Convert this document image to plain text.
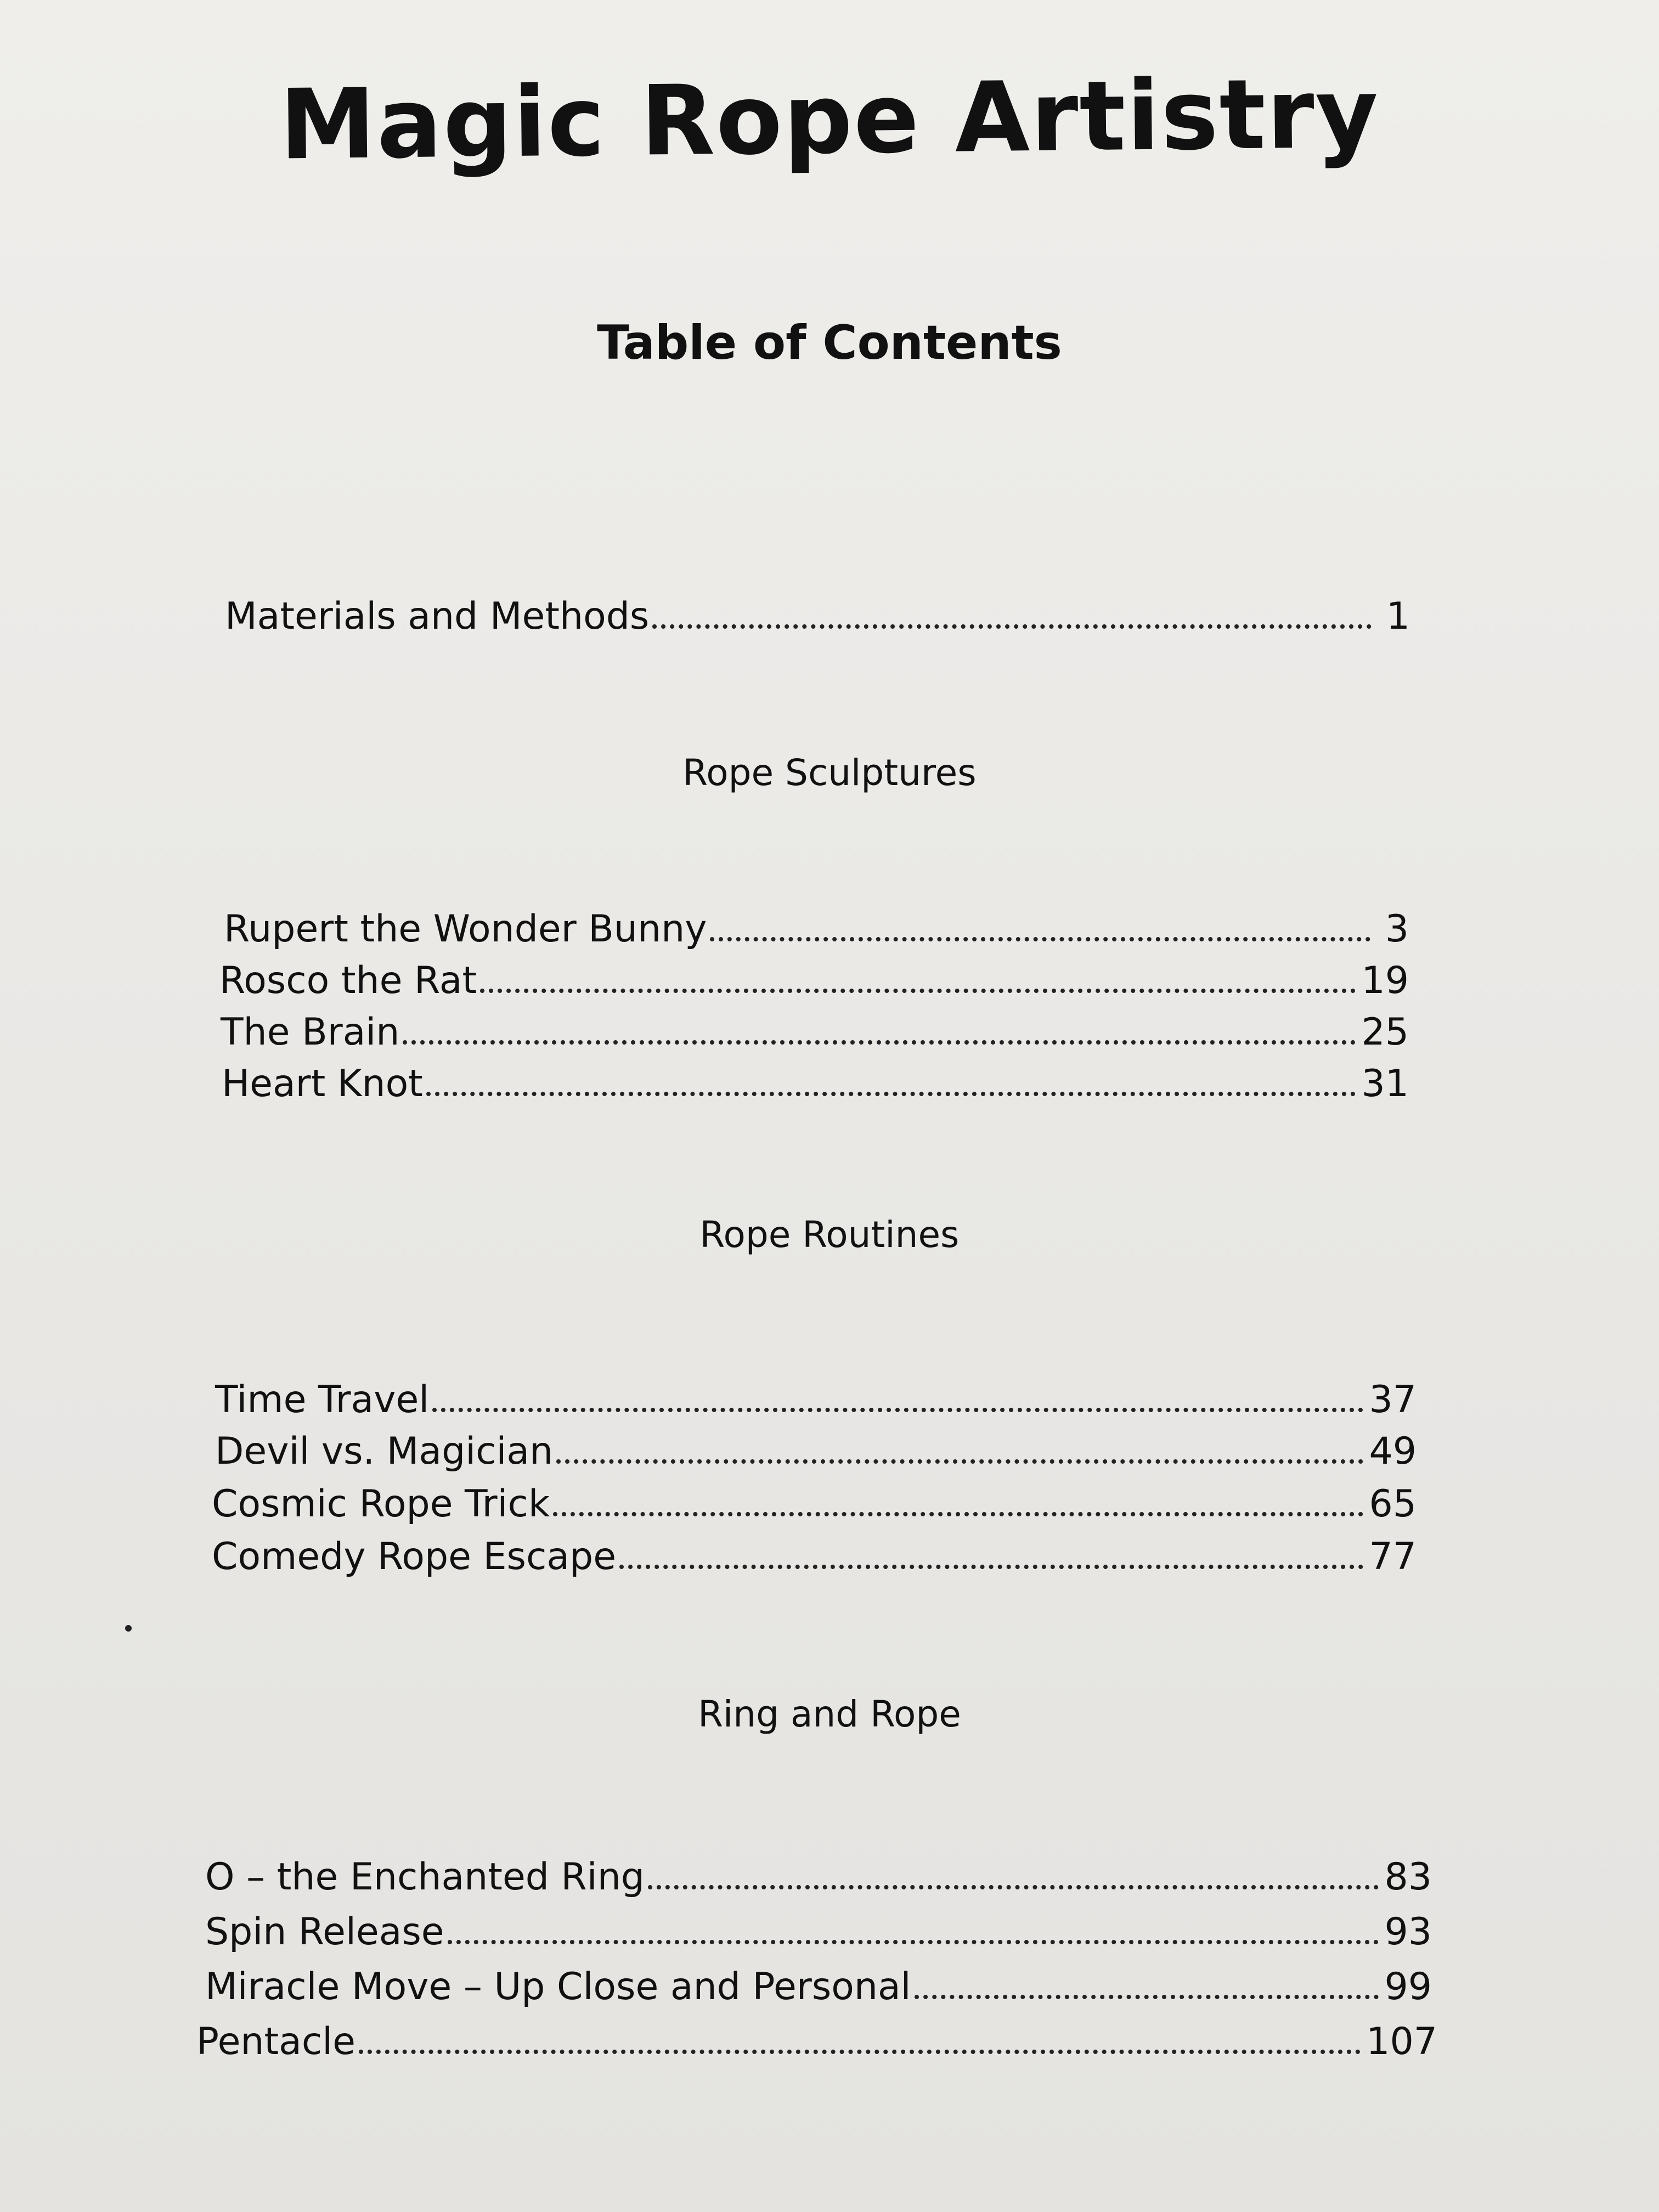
Magic Rope Artistry
Table of Contents
Materials and Methods	1
Rope Sculptures
Rupert the Wonder Bunny	3
Rosco the Rat	19
The Brain	25
Heart Knot	31
Rope Routines
Time Travel	37
Devil vs. Magician	49
Cosmic Rope Trick	65
Comedy Rope Escape	77
Ring and Rope
O – the Enchanted Ring	83
Spin Release	93
Miracle Move – Up Close and Personal	99
Pentacle	107
